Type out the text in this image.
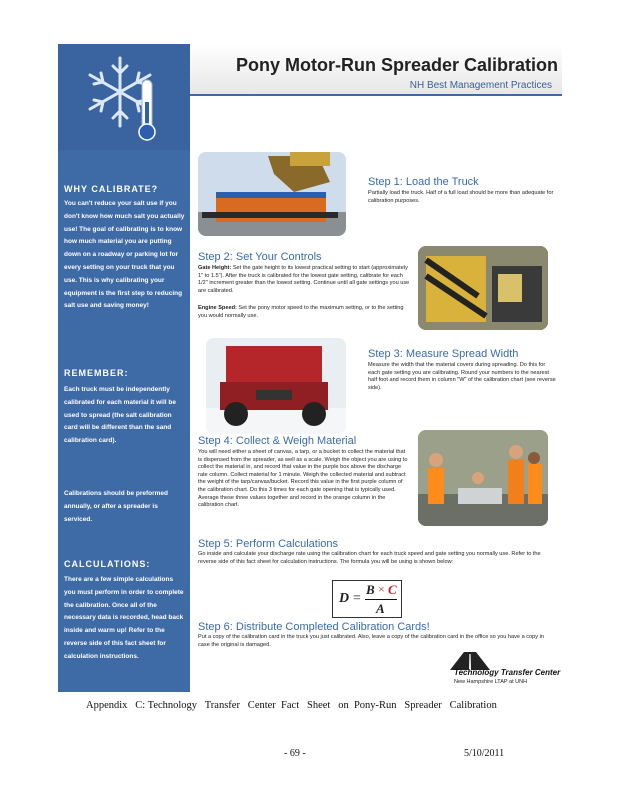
Pony Motor-Run Spreader Calibration
NH Best Management Practices
WHY CALIBRATE?
You can't reduce your salt use if you don't know how much salt you actually use! The goal of calibrating is to know how much material you are putting down on a roadway or parking lot for every setting on your truck that you use. This is why calibrating your equipment is the first step to reducing salt use and saving money!
REMEMBER:
Each truck must be independently calibrated for each material it will be used to spread (the salt calibration card will be different than the sand calibration card).
Calibrations should be preformed annually, or after a spreader is serviced.
CALCULATIONS:
There are a few simple calculations you must perform in order to complete the calibration. Once all of the necessary data is recorded, head back inside and warm up! Refer to the reverse side of this fact sheet for calculation instructions.
Step 1: Load the Truck
Partially load the truck. Half of a full load should be more than adequate for calibration purposes.
Step 2: Set Your Controls
Gate Height: Set the gate height to its lowest practical setting to start (approximately 1" to 1.5"). After the truck is calibrated for the lowest gate setting, calibrate for each 1/2" increment greater than the lowest setting. Continue until all gate settings you use are calibrated.
Engine Speed: Set the pony motor speed to the maximum setting, or to the setting you would normally use.
Step 3: Measure Spread Width
Measure the width that the material covers during spreading. Do this for each gate setting you are calibrating. Round your numbers to the nearest half foot and record them in column "W" of the calibration chart (see reverse side).
Step 4: Collect & Weigh Material
You will need either a sheet of canvas, a tarp, or a bucket to collect the material that is dispensed from the spreader, as well as a scale. Weigh the object you are using to collect the material in, and record that value in the purple box above the discharge rate column. Collect material for 1 minute. Weigh the collected material and subtract the weight of the tarp/canvas/bucket. Record this value in the first purple column of the calibration chart. Do this 3 times for each gate opening that is typically used. Average these three values together and record in the orange column in the calibration chart.
Step 5: Perform Calculations
Go inside and calculate your discharge rate using the calibration chart for each truck speed and gate setting you normally use. Refer to the reverse side of this fact sheet for calculation instructions. The formula you will be using is shown below:
D =
B × C
A
Step 6: Distribute Completed Calibration Cards!
Put a copy of the calibration card in the truck you just calibrated. Also, leave a copy of the calibration card in the office so you have a copy in case the original is damaged.
Technology Transfer Center
New Hampshire LTAP at UNH
Appendix   C: Technology   Transfer   Center  Fact   Sheet   on  Pony-Run   Spreader   Calibration
- 69 -	5/10/2011
